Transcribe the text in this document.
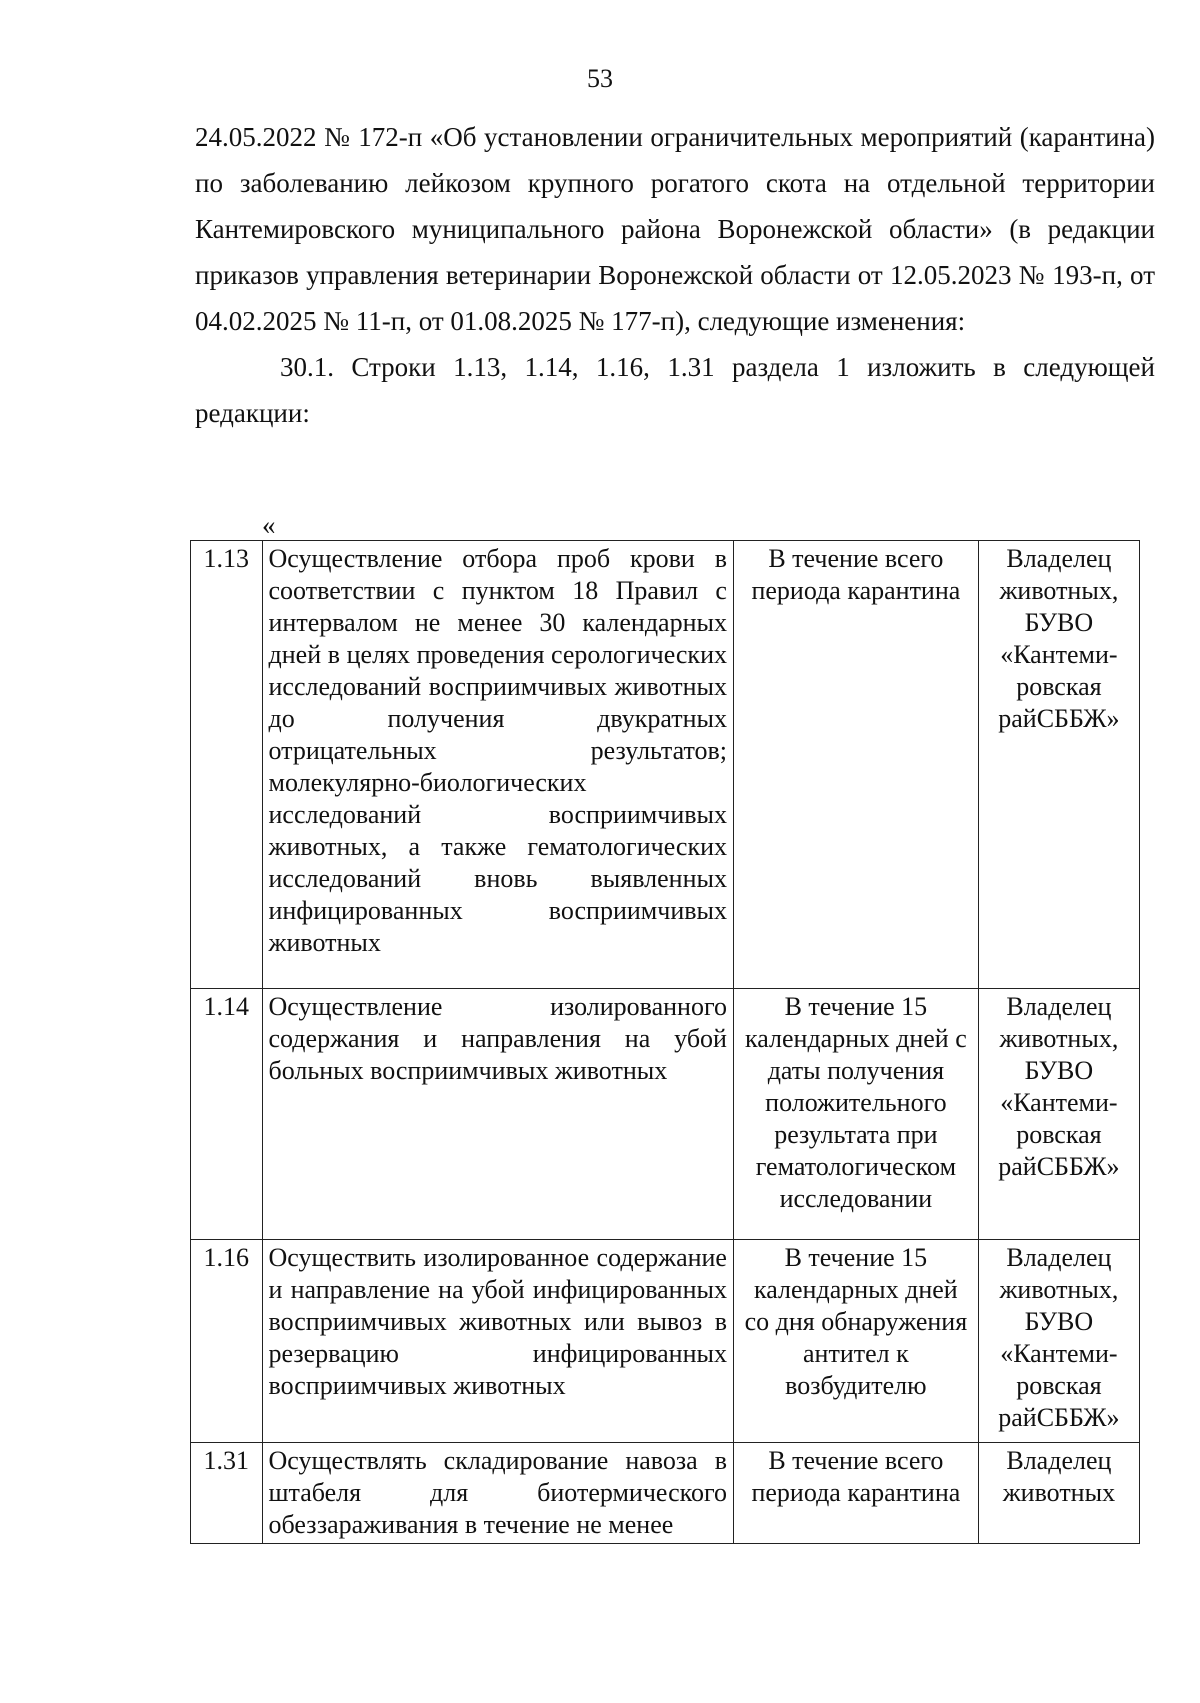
53

24.05.2022 № 172-п «Об установлении ограничительных мероприятий (карантина) по заболеванию лейкозом крупного рогатого скота на отдельной территории Кантемировского муниципального района Воронежской области» (в редакции приказов управления ветеринарии Воронежской области от 12.05.2023 № 193-п, от 04.02.2025 № 11-п, от 01.08.2025 № 177-п), следующие изменения:

30.1. Строки 1.13, 1.14, 1.16, 1.31 раздела 1 изложить в следующей редакции:

«
1.13	Осуществление отбора проб крови в соответствии с пунктом 18 Правил с интервалом не менее 30 календарных дней в целях проведения серологических исследований восприимчивых животных до получения двукратных отрицательных результатов; молекулярно-биологических исследований восприимчивых животных, а также гематологических исследований вновь выявленных инфицированных восприимчивых животных	В течение всего периода карантина	Владелец животных, БУВО «Кантеми-ровская райСББЖ»
1.14	Осуществление изолированного содержания и направления на убой больных восприимчивых животных	В течение 15 календарных дней с даты получения положительного результата при гематологическом исследовании	Владелец животных, БУВО «Кантеми-ровская райСББЖ»
1.16	Осуществить изолированное содержание и направление на убой инфицированных восприимчивых животных или вывоз в резервацию инфицированных восприимчивых животных	В течение 15 календарных дней со дня обнаружения антител к возбудителю	Владелец животных, БУВО «Кантеми-ровская райСББЖ»
1.31	Осуществлять складирование навоза в штабеля для биотермического обеззараживания в течение не менее	В течение всего периода карантина	Владелец животных
